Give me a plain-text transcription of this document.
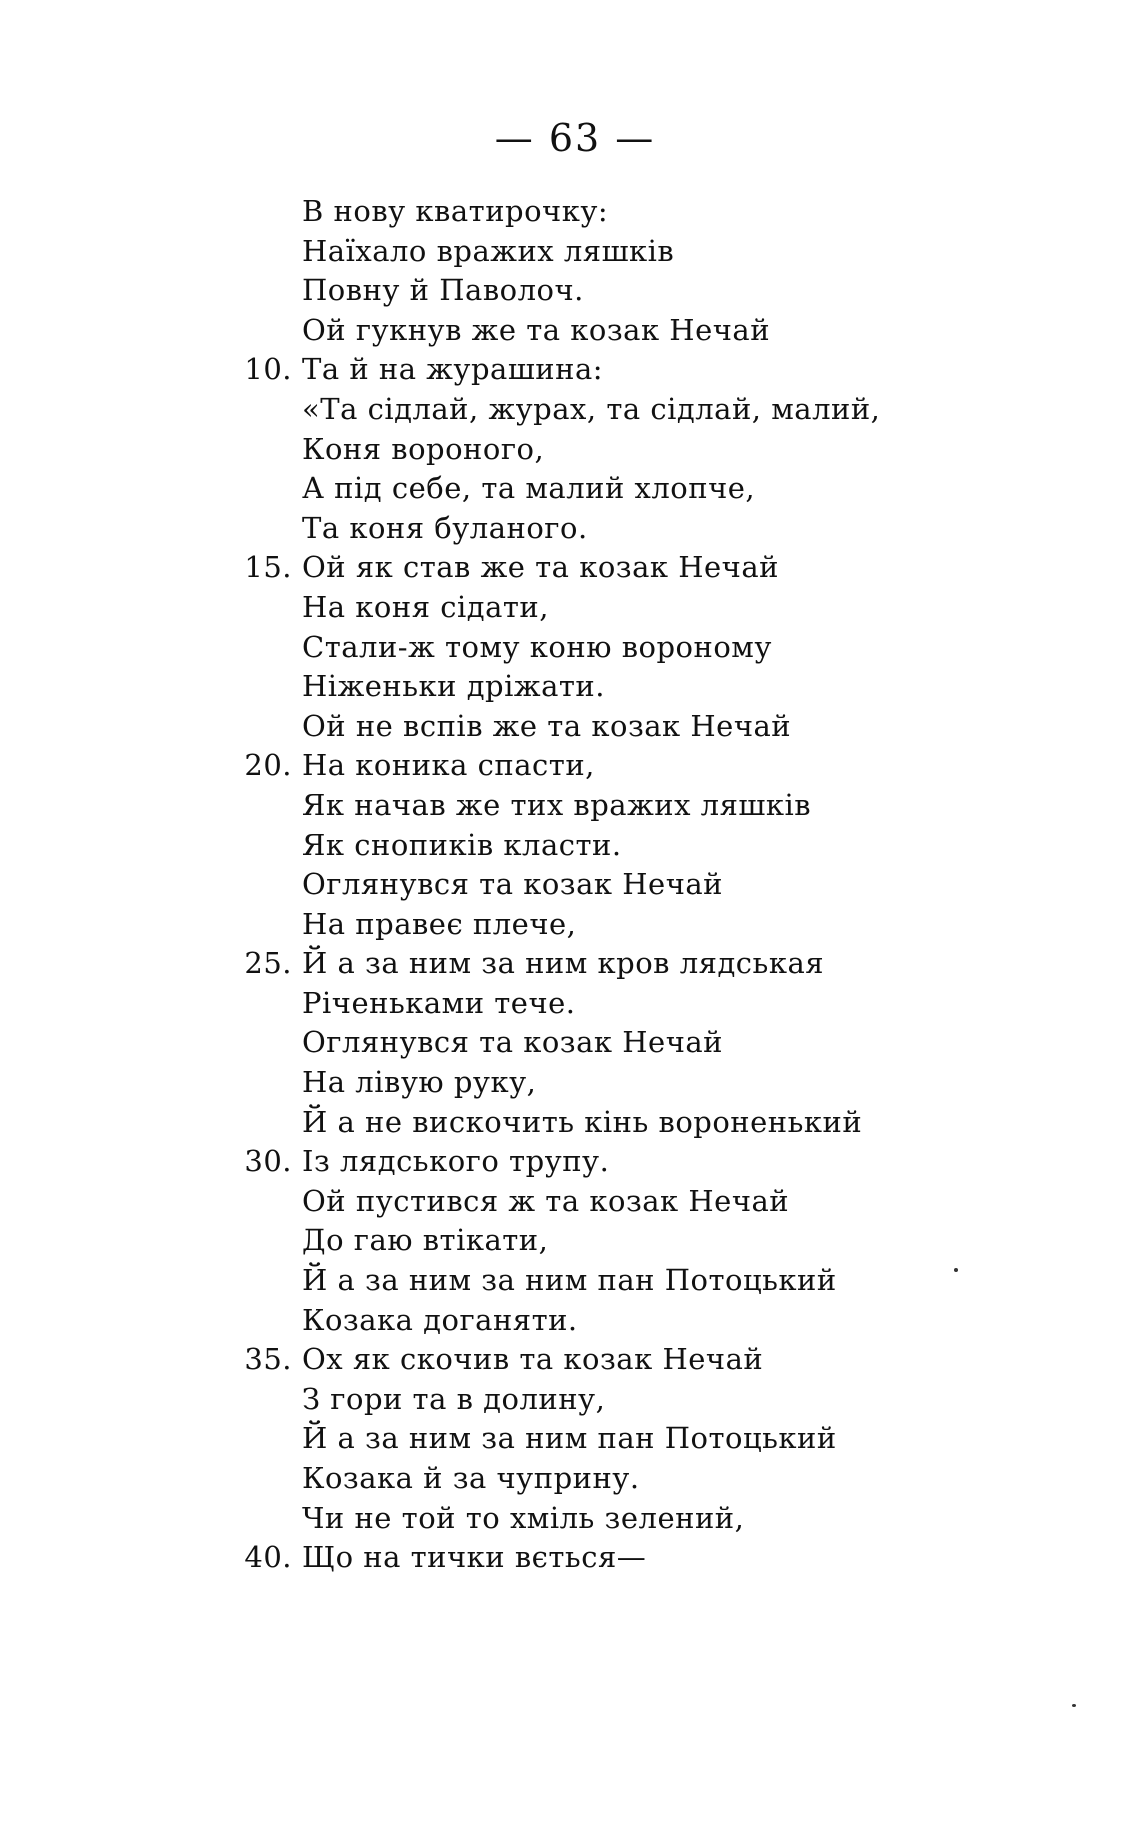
— 63 —
В нову кватирочку:
Наїхало вражих ляшків
Повну й Паволоч.
Ой гукнув же та козак Нечай
10. Та й на журашина:
«Та сідлай, журах, та сідлай, малий,
Коня вороного,
А під себе, та малий хлопче,
Та коня буланого.
15. Ой як став же та козак Нечай
На коня сідати,
Стали-ж тому коню вороному
Ніженьки дріжати.
Ой не вспів же та козак Нечай
20. На коника спасти,
Як начав же тих вражих ляшків
Як снопиків класти.
Оглянувся та козак Нечай
На правеє плече,
25. Й а за ним за ним кров лядськая
Річеньками тече.
Оглянувся та козак Нечай
На лівую руку,
Й а не вискочить кінь вороненький
30. Із лядського трупу.
Ой пустився ж та козак Нечай
До гаю втікати,
Й а за ним за ним пан Потоцький
Козака доганяти.
35. Ох як скочив та козак Нечай
З гори та в долину,
Й а за ним за ним пан Потоцький
Козака й за чуприну.
Чи не той то хміль зелений,
40. Що на тички вється—
